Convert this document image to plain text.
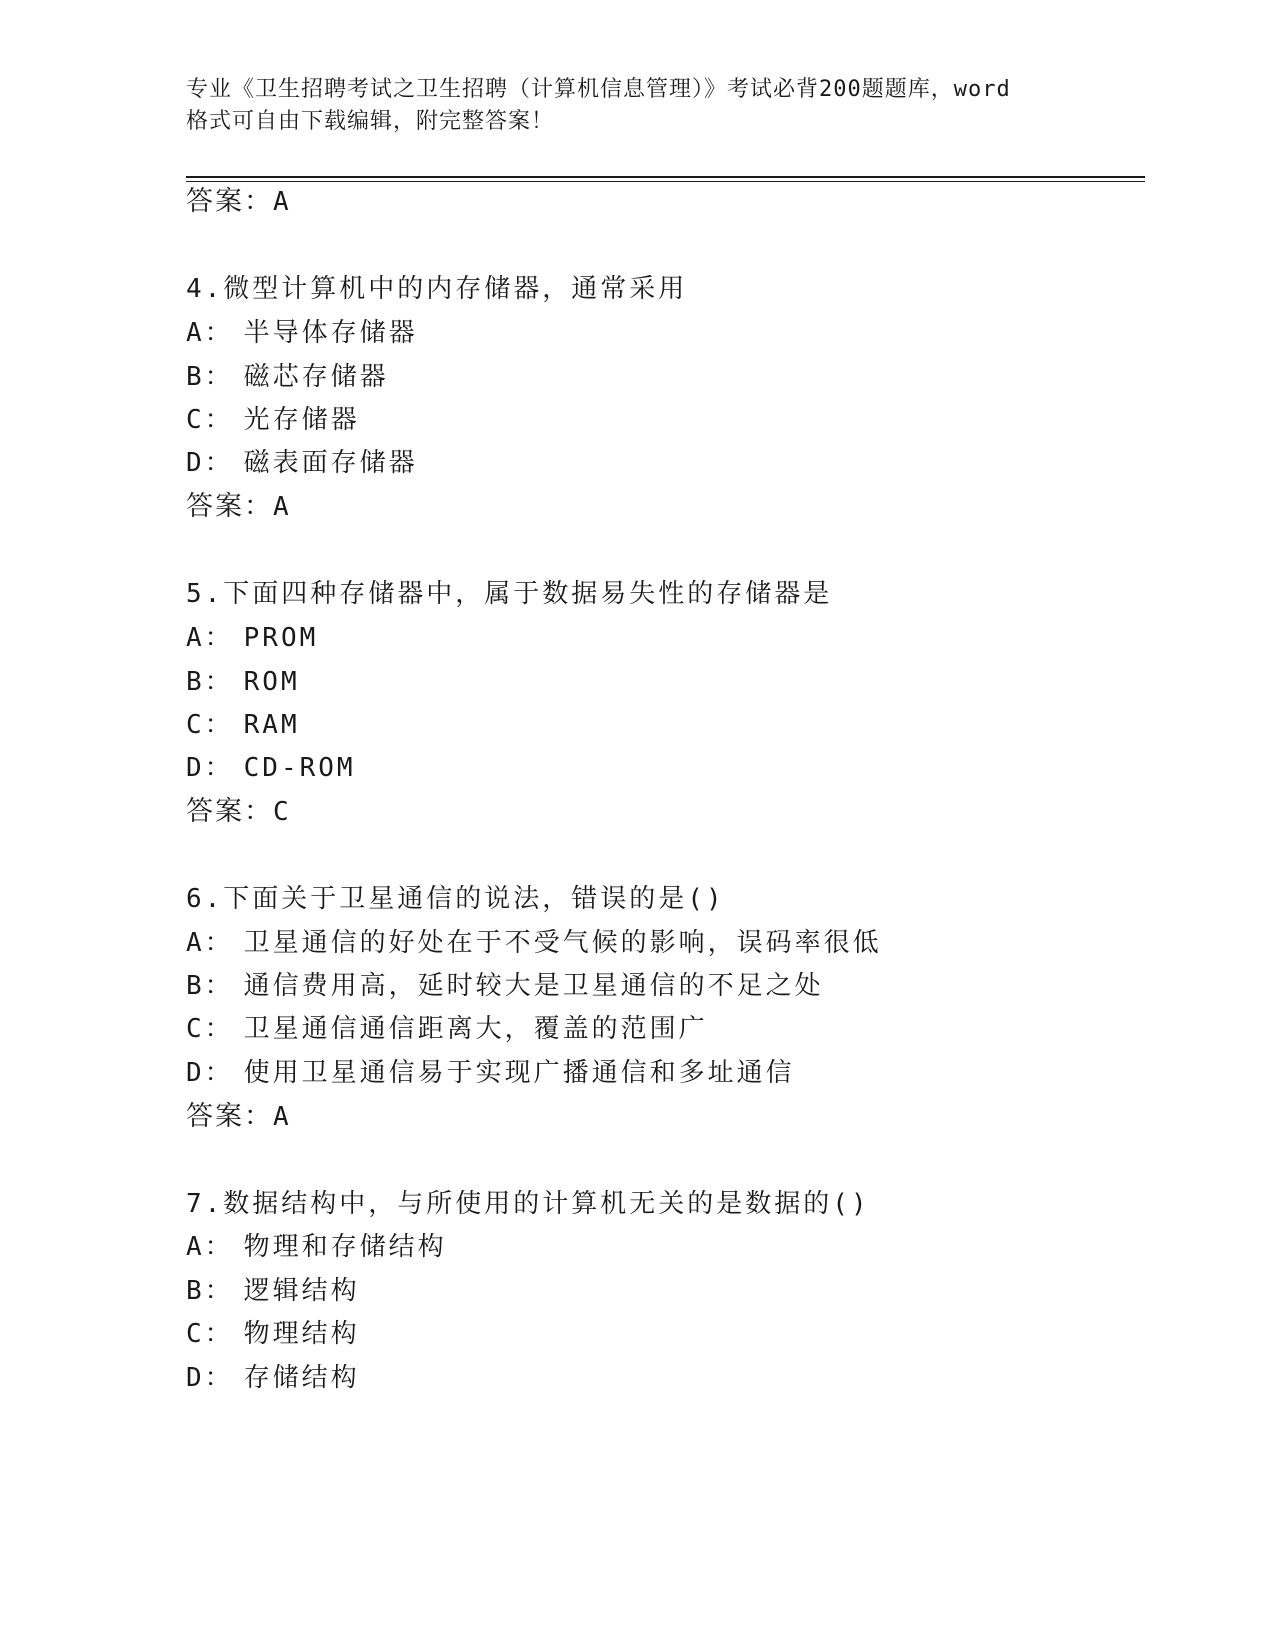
专业《卫生招聘考试之卫生招聘（计算机信息管理）》考试必背200题题库，word
格式可自由下载编辑，附完整答案！
答案：A
4.微型计算机中的内存储器，通常采用
A： 半导体存储器
B： 磁芯存储器
C： 光存储器
D： 磁表面存储器
答案：A
5.下面四种存储器中，属于数据易失性的存储器是
A： PROM
B： ROM
C： RAM
D： CD-ROM
答案：C
6.下面关于卫星通信的说法，错误的是()
A： 卫星通信的好处在于不受气候的影响，误码率很低
B： 通信费用高，延时较大是卫星通信的不足之处
C： 卫星通信通信距离大，覆盖的范围广
D： 使用卫星通信易于实现广播通信和多址通信
答案：A
7.数据结构中，与所使用的计算机无关的是数据的()
A： 物理和存储结构
B： 逻辑结构
C： 物理结构
D： 存储结构
